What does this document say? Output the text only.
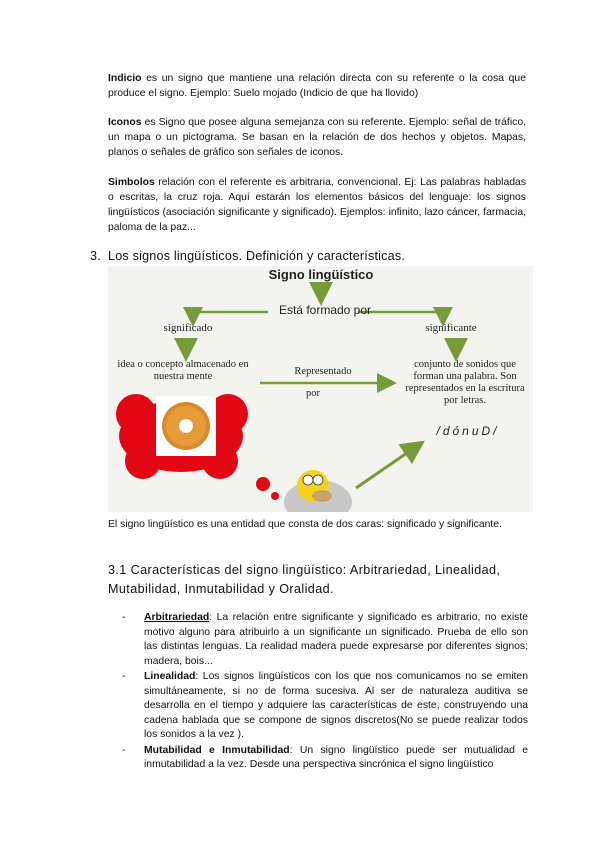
Indicio es un signo que mantiene una relación directa con su referente o la cosa que produce el signo. Ejemplo: Suelo mojado (Indicio de que ha llovido)
Iconos es Signo que posee alguna semejanza con su referente. Ejemplo: señal de tráfico, un mapa o un pictograma. Se basan en la relación de dos hechos y objetos. Mapas, planos o señales de gráfico son señales de iconos.
Simbolos relación con el referente es arbitraria, convencional. Ej: Las palabras habladas o escritas, la cruz roja. Aquí estarán los elementos básicos del lenguaje: los signos lingüísticos (asociación significante y significado). Ejemplos: infinito, lazo cáncer, farmacia, paloma de la paz...
3. Los signos lingüísticos. Definición y características.
Signo lingüístico
Está formado por
significado	significante
idea o concepto almacenado en nuestra mente	Representado
por
conjunto de sonidos que forman una palabra. Son representados en la escritura por letras.
/dónuD/
El signo lingüístico es una entidad que consta de dos caras: significado y significante.
3.1 Características del signo lingüístico: Arbitrariedad, Linealidad, Mutabilidad, Inmutabilidad y Oralidad.
- Arbitrariedad: La relación entre significante y significado es arbitrario, no existe motivo alguno para atribuirlo a un significante un significado. Prueba de ello son las distintas lenguas. La realidad madera puede expresarse por diferentes signos; madera, bois...
- Linealidad: Los signos lingüísticos con los que nos comunicamos no se emiten simultáneamente, si no de forma sucesiva. Al ser de naturaleza auditiva se desarrolla en el tiempo y adquiere las características de este, construyendo una cadena hablada que se compone de signos discretos(No se puede realizar todos los sonidos a la vez ).
- Mutabilidad e Inmutabilidad: Un signo lingüístico puede ser mutualidad e inmutabilidad a la vez. Desde una perspectiva sincrónica el signo lingüístico
